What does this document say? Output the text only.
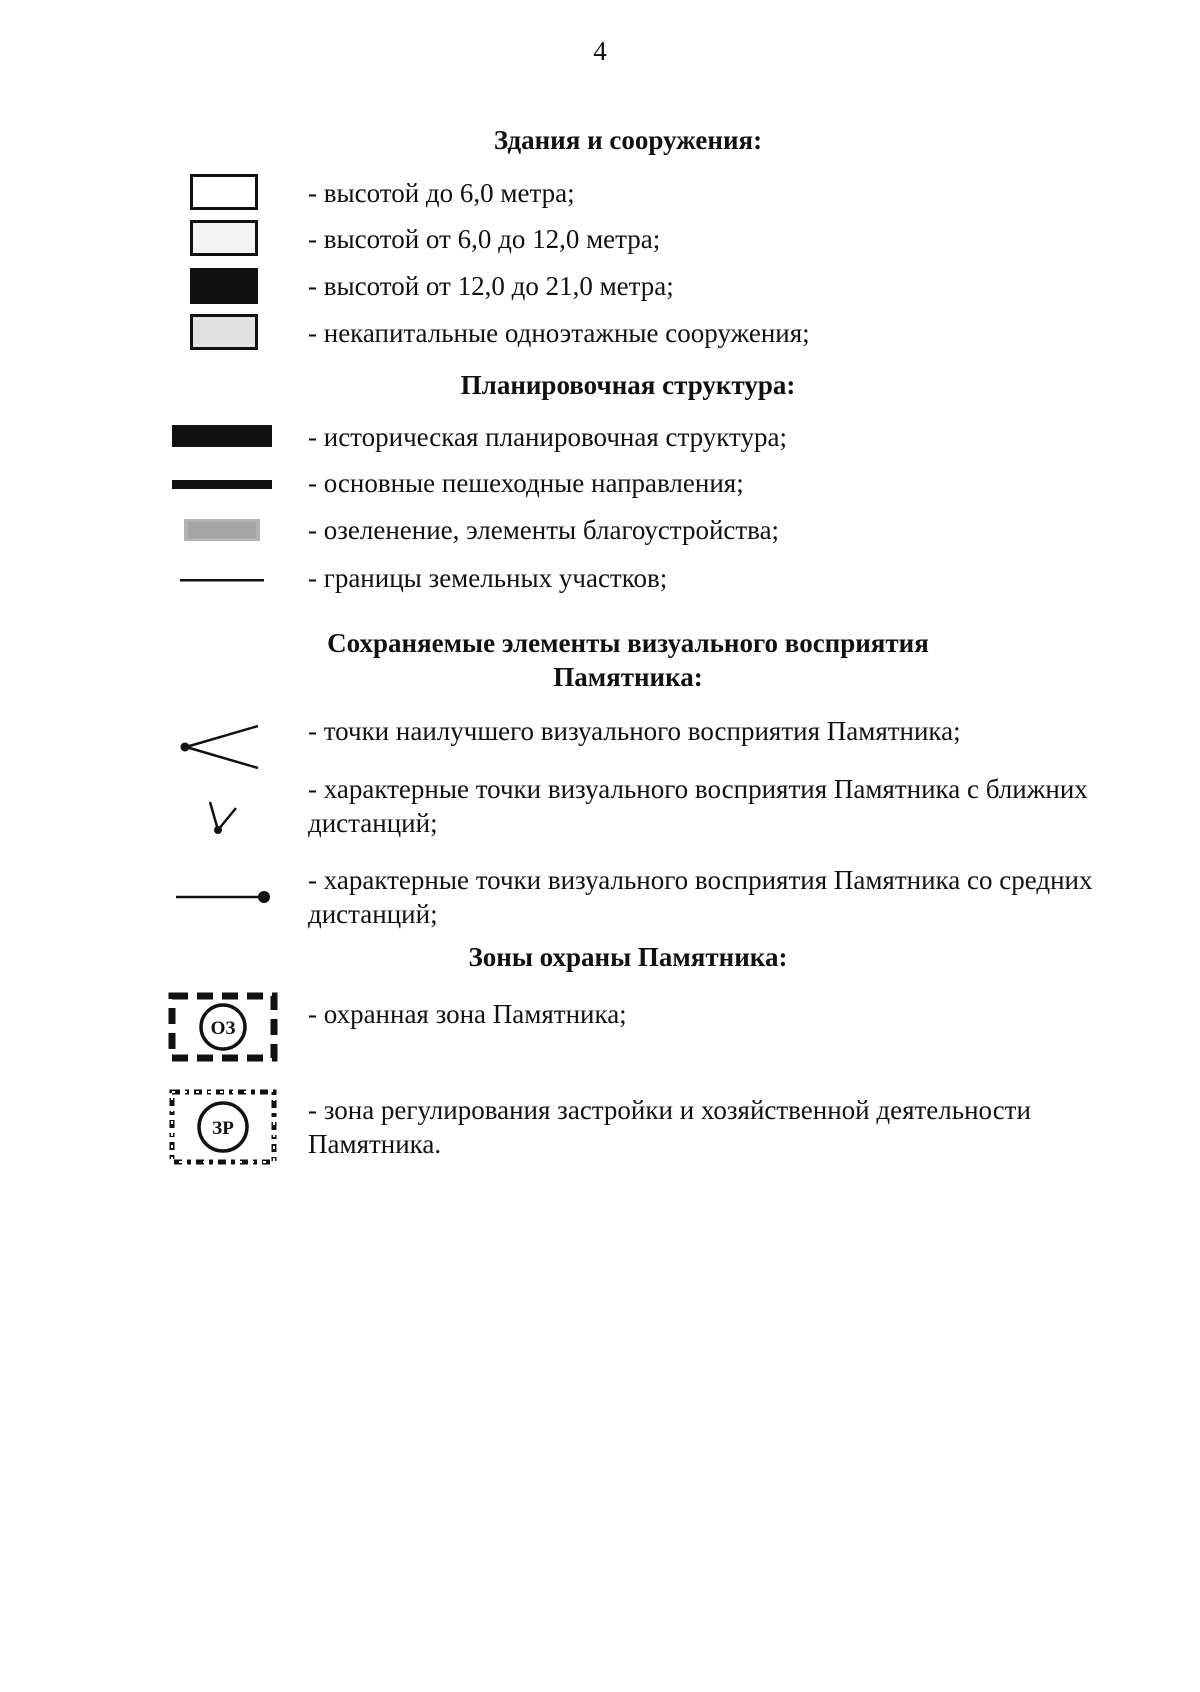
4
Здания и сооружения:
- высотой до 6,0 метра;
- высотой от 6,0 до 12,0 метра;
- высотой от 12,0 до 21,0 метра;
- некапитальные одноэтажные сооружения;
Планировочная структура:
- историческая планировочная структура;
- основные пешеходные направления;
- озеленение, элементы благоустройства;
- границы земельных участков;
Сохраняемые элементы визуального восприятия
Памятника:
- точки наилучшего визуального восприятия Памятника;
- характерные точки визуального восприятия Памятника с ближних дистанций;
- характерные точки визуального восприятия Памятника со средних дистанций;
Зоны охраны Памятника:
ОЗ	- охранная зона Памятника;
ЗР
- зона регулирования застройки и хозяйственной деятельности Памятника.
